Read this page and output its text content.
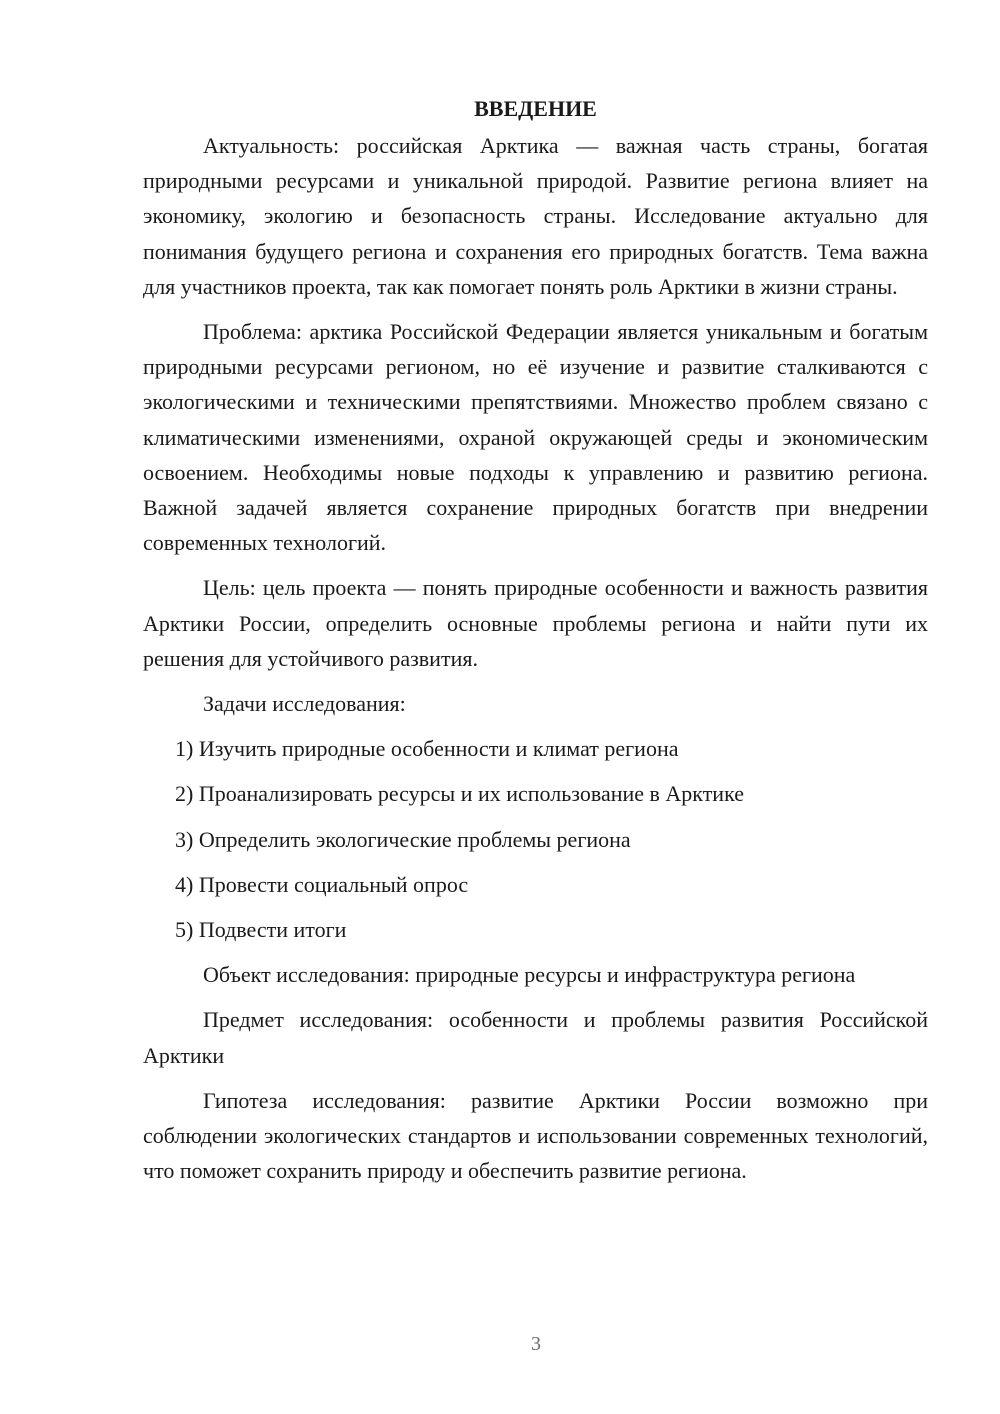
ВВЕДЕНИЕ

Актуальность: российская Арктика — важная часть страны, богатая природными ресурсами и уникальной природой. Развитие региона влияет на экономику, экологию и безопасность страны. Исследование актуально для понимания будущего региона и сохранения его природных богатств. Тема важна для участников проекта, так как помогает понять роль Арктики в жизни страны.

Проблема: арктика Российской Федерации является уникальным и богатым природными ресурсами регионом, но её изучение и развитие сталкиваются с экологическими и техническими препятствиями. Множество проблем связано с климатическими изменениями, охраной окружающей среды и экономическим освоением. Необходимы новые подходы к управлению и развитию региона. Важной задачей является сохранение природных богатств при внедрении современных технологий.

Цель: цель проекта — понять природные особенности и важность развития Арктики России, определить основные проблемы региона и найти пути их решения для устойчивого развития.

Задачи исследования:

1) Изучить природные особенности и климат региона
2) Проанализировать ресурсы и их использование в Арктике
3) Определить экологические проблемы региона
4) Провести социальный опрос
5) Подвести итоги

Объект исследования: природные ресурсы и инфраструктура региона

Предмет исследования: особенности и проблемы развития Российской Арктики

Гипотеза исследования: развитие Арктики России возможно при соблюдении экологических стандартов и использовании современных технологий, что поможет сохранить природу и обеспечить развитие региона.

3
